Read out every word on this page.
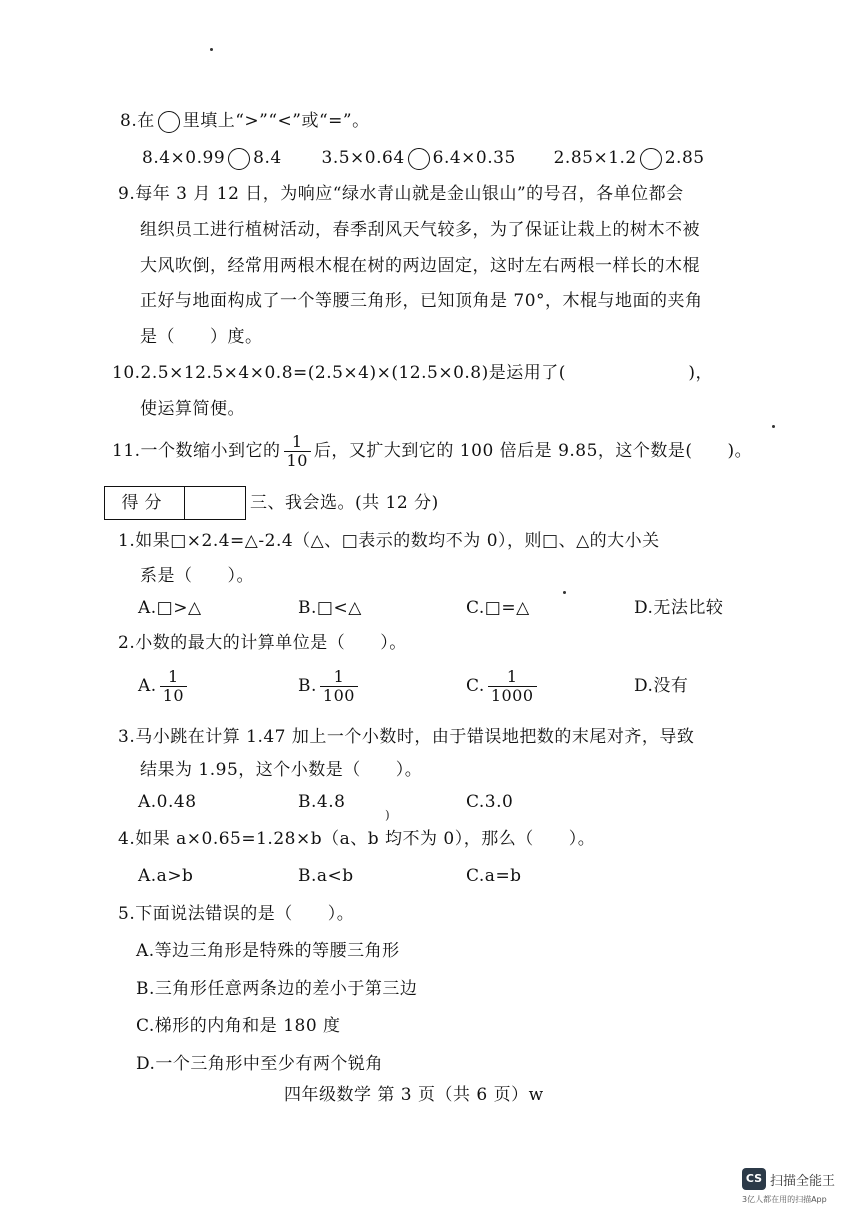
8.在 里填上“>”“<”或“=”。
8.4×0.99 8.4 3.5×0.64 6.4×0.35 2.85×1.2 2.85
9.每年 3 月 12 日，为响应“绿水青山就是金山银山”的号召，各单位都会
组织员工进行植树活动，春季刮风天气较多，为了保证让栽上的树木不被
大风吹倒，经常用两根木棍在树的两边固定，这时左右两根一样长的木棍
正好与地面构成了一个等腰三角形，已知顶角是 70°，木棍与地面的夹角
是（　　）度。
10.2.5×12.5×4×0.8=(2.5×4)×(12.5×0.8)是运用了(　　　　　　　)，
使运算简便。
11.一个数缩小到它的 $\frac{1}{10}$ 后，又扩大到它的 100 倍后是 9.85，这个数是(　　)。
得分	三、我会选。(共 12 分)
1.如果□×2.4=△-2.4（△、□表示的数均不为 0），则□、△的大小关
系是（　　）。
A.□>△	B.□<△	C.□=△	D.无法比较
2.小数的最大的计算单位是（　　）。
A. $\frac{1}{10}$	B. $\frac{1}{100}$	C. $\frac{1}{1000}$	D.没有
3.马小跳在计算 1.47 加上一个小数时，由于错误地把数的末尾对齐，导致
结果为 1.95，这个小数是（　　）。
A.0.48	B.4.8	C.3.0
4.如果 a×0.65=1.28×b（a、b 均不为 0），那么（　　）。
A.a>b	B.a<b	C.a=b
5.下面说法错误的是（　　）。
A.等边三角形是特殊的等腰三角形
B.三角形任意两条边的差小于第三边
C.梯形的内角和是 180 度
D.一个三角形中至少有两个锐角
四年级数学 第 3 页（共 6 页）w
)
CS 扫描全能王
3亿人都在用的扫描App
